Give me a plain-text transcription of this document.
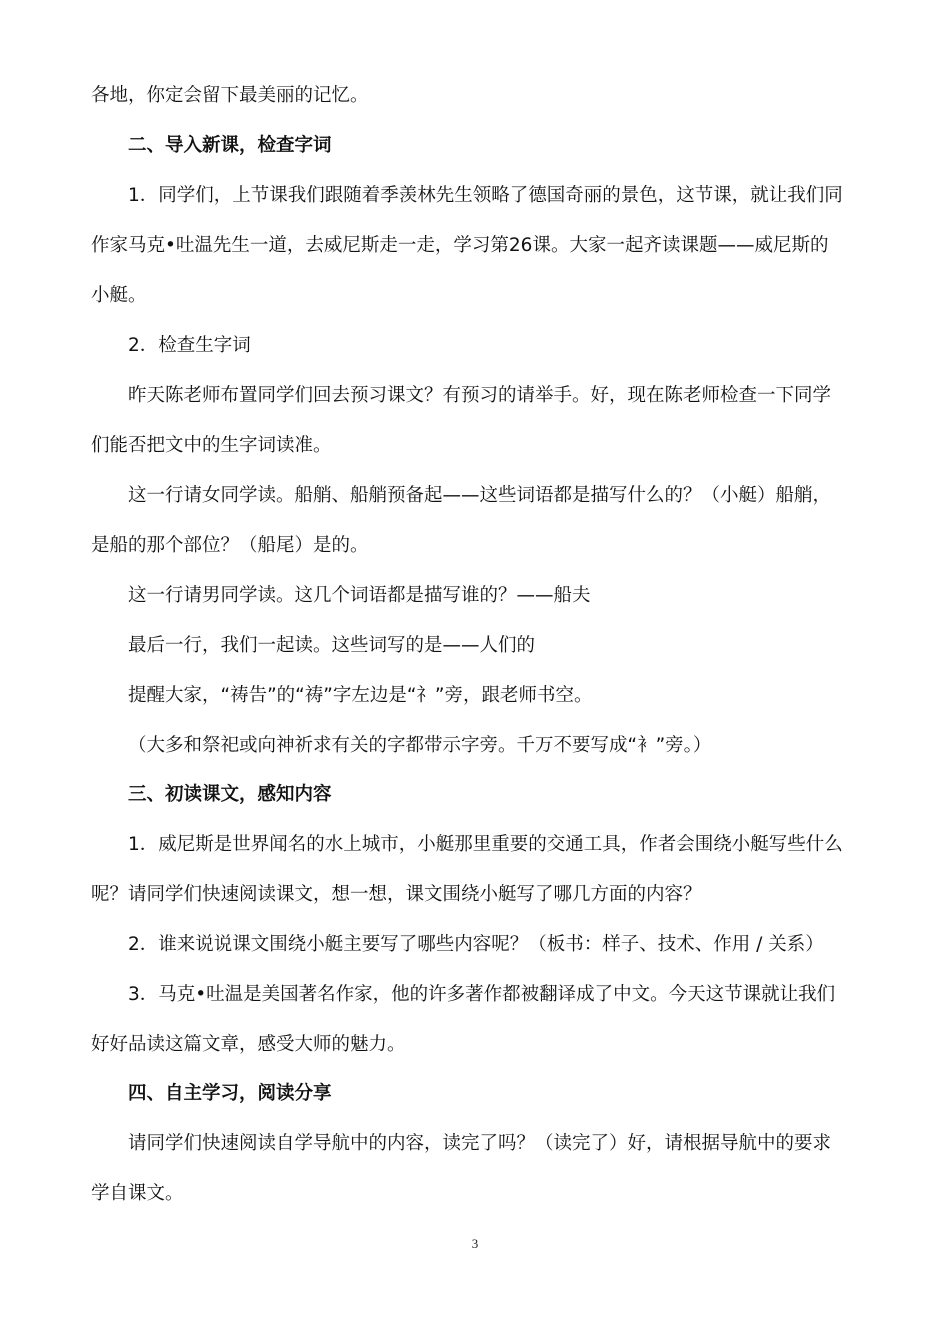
各地，你定会留下最美丽的记忆。
二、导入新课，检查字词
1．同学们，上节课我们跟随着季羡林先生领略了德国奇丽的景色，这节课，就让我们同
作家马克•吐温先生一道，去威尼斯走一走，学习第26课。大家一起齐读课题——威尼斯的
小艇。
2．检查生字词
昨天陈老师布置同学们回去预习课文？有预习的请举手。好，现在陈老师检查一下同学
们能否把文中的生字词读准。
这一行请女同学读。船艄、船艄预备起——这些词语都是描写什么的？（小艇）船艄，
是船的那个部位？（船尾）是的。
这一行请男同学读。这几个词语都是描写谁的？——船夫
最后一行，我们一起读。这些词写的是——人们的
提醒大家，“祷告”的“祷”字左边是“礻”旁，跟老师书空。
（大多和祭祀或向神祈求有关的字都带示字旁。千万不要写成“衤”旁。）
三、初读课文，感知内容
1．威尼斯是世界闻名的水上城市，小艇那里重要的交通工具，作者会围绕小艇写些什么
呢？请同学们快速阅读课文，想一想，课文围绕小艇写了哪几方面的内容？
2．谁来说说课文围绕小艇主要写了哪些内容呢？（板书：样子、技术、作用 / 关系）
3．马克•吐温是美国著名作家，他的许多著作都被翻译成了中文。今天这节课就让我们
好好品读这篇文章，感受大师的魅力。
四、自主学习，阅读分享
请同学们快速阅读自学导航中的内容，读完了吗？（读完了）好，请根据导航中的要求
学自课文。
3
